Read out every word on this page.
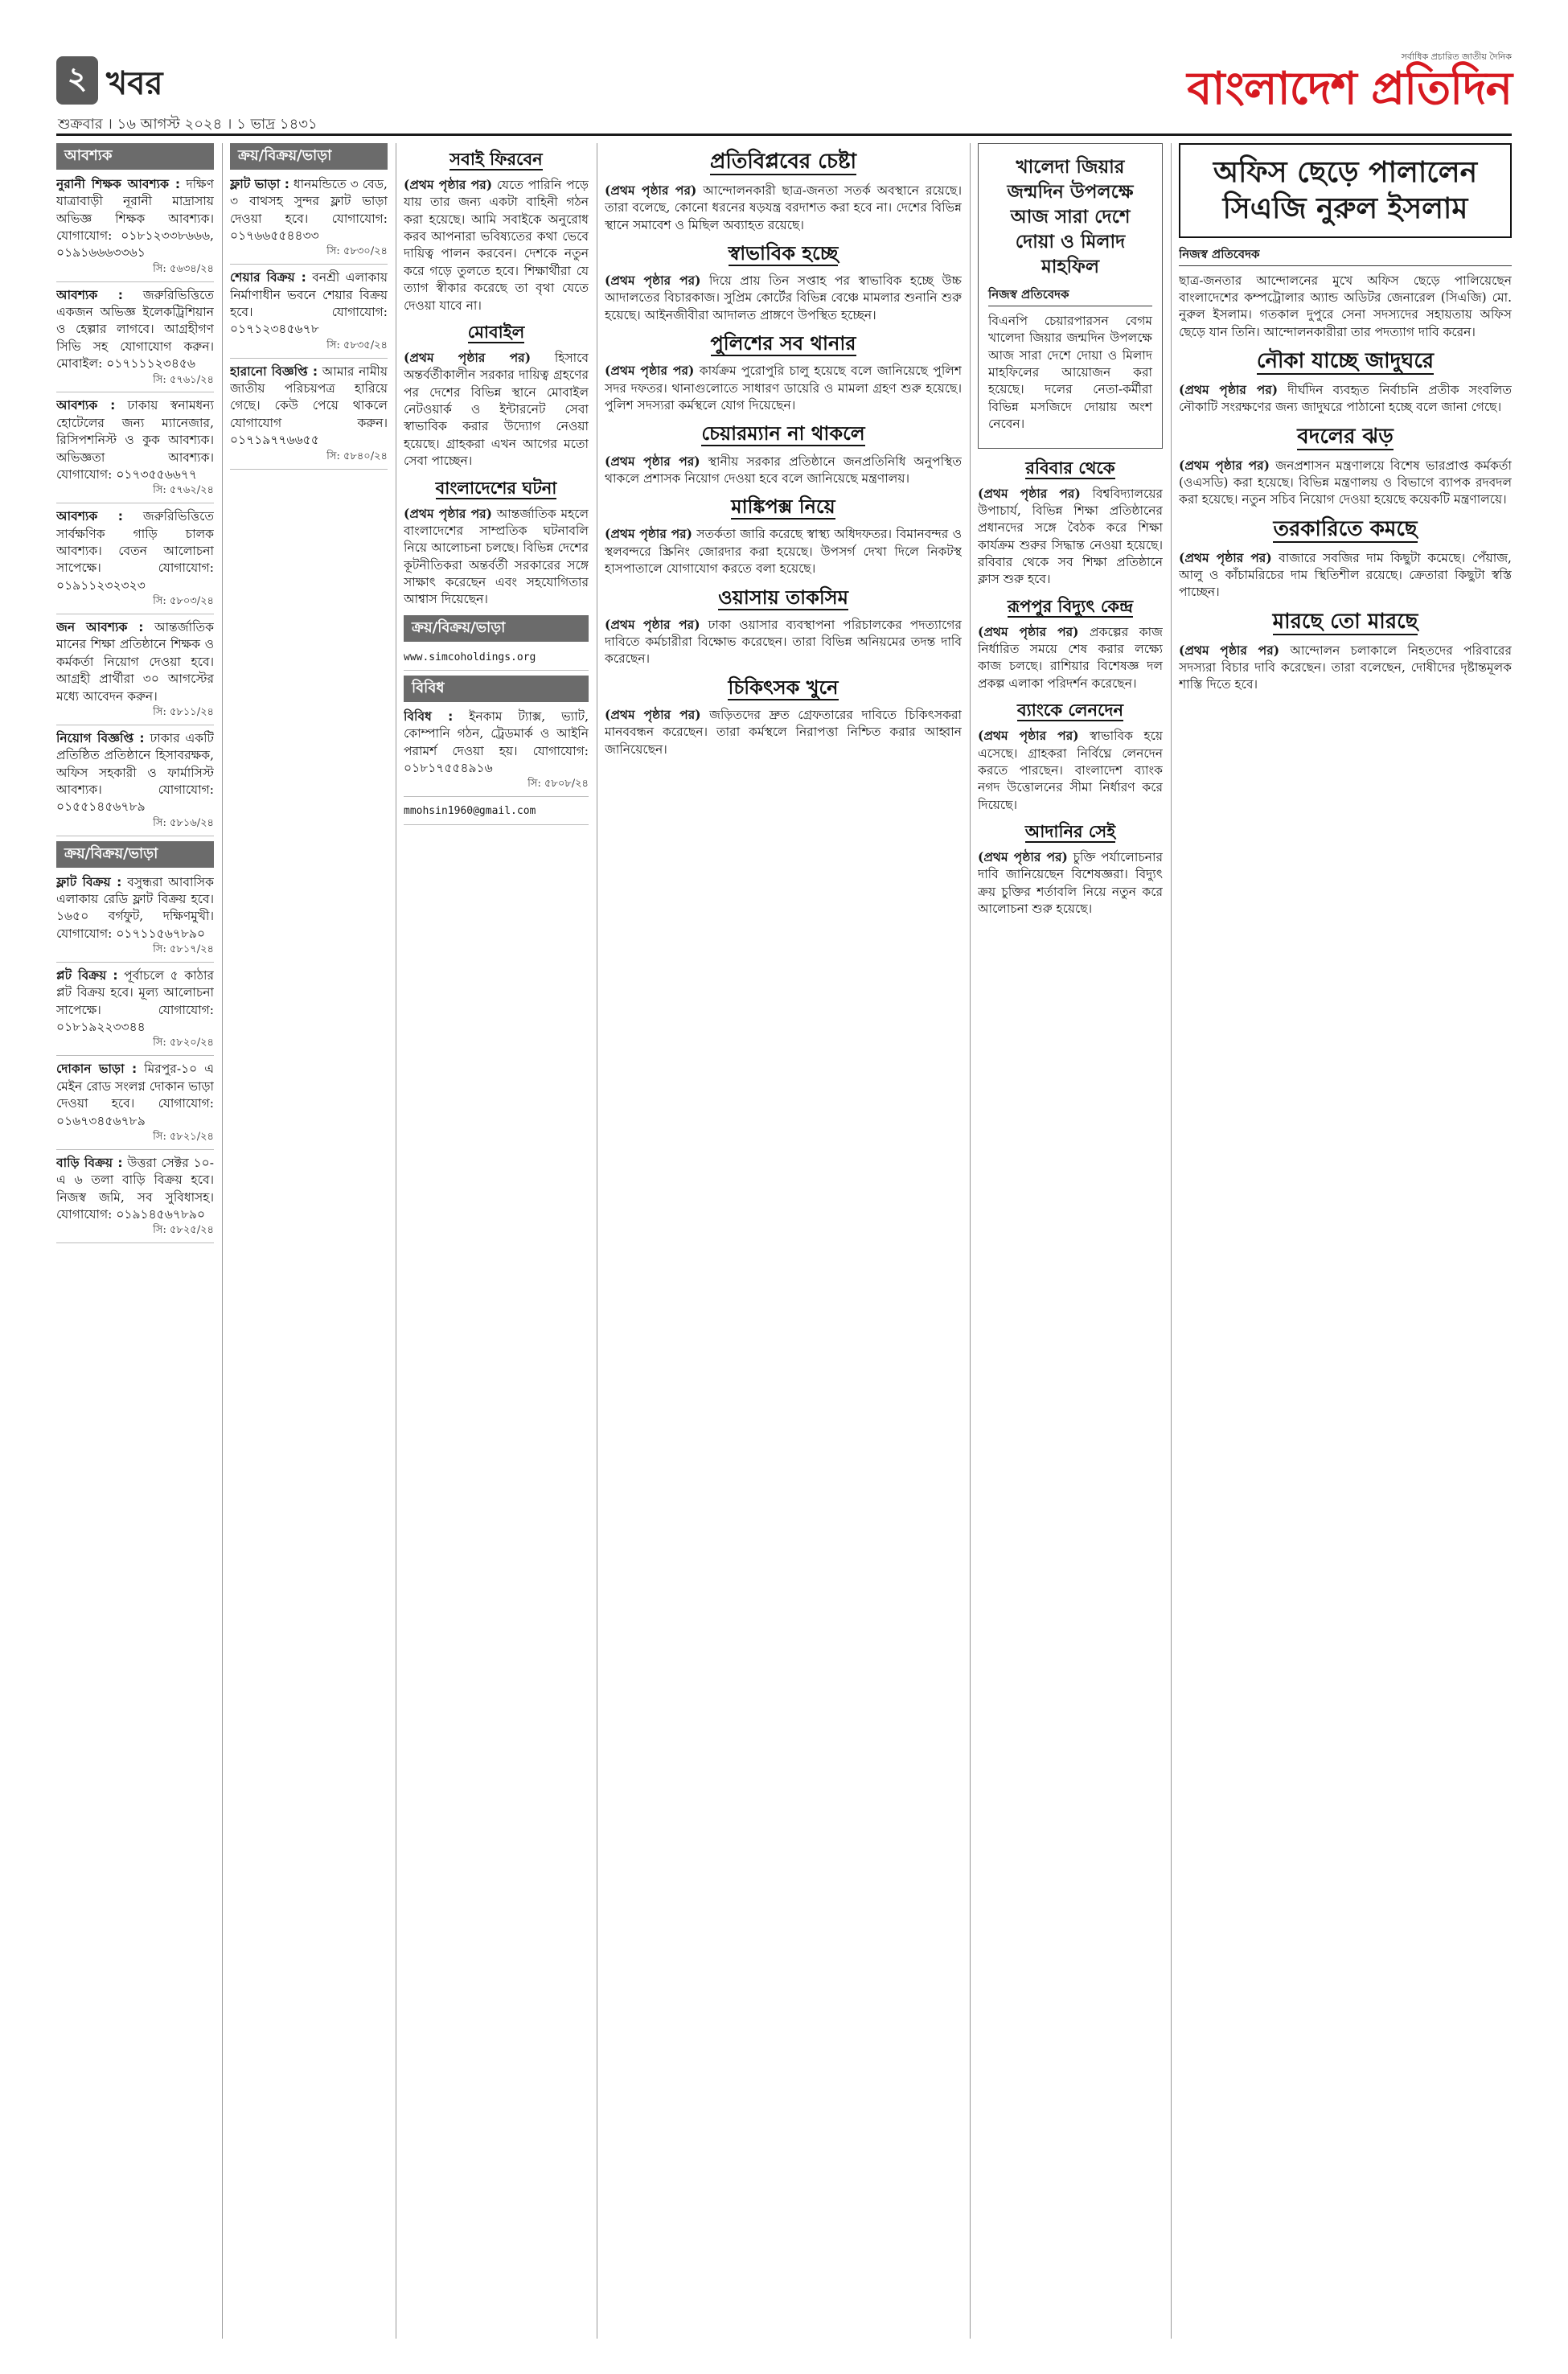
২ খবর
শুক্রবার । ১৬ আগস্ট ২০২৪ । ১ ভাদ্র ১৪৩১
সর্বাধিক প্রচারিত জাতীয় দৈনিক
বাংলাদেশ প্রতিদিন
আবশ্যক
নুরানী শিক্ষক আবশ্যক : দক্ষিণ যাত্রাবাড়ী নূরানী মাদ্রাসায় অভিজ্ঞ শিক্ষক আবশ্যক। যোগাযোগ: ০১৮১২৩৩৮৬৬৬, ০১৯১৬৬৬৩৩৬১
সি: ৫৬৩৪/২৪
আবশ্যক : জরুরিভিত্তিতে একজন অভিজ্ঞ ইলেকট্রিশিয়ান ও হেল্পার লাগবে। আগ্রহীগণ সিভি সহ যোগাযোগ করুন। মোবাইল: ০১৭১১১২৩৪৫৬
সি: ৫৭৬১/২৪
আবশ্যক : ঢাকায় স্বনামধন্য হোটেলের জন্য ম্যানেজার, রিসিপশনিস্ট ও কুক আবশ্যক। অভিজ্ঞতা আবশ্যক। যোগাযোগ: ০১৭৩৫৫৬৬৭৭
সি: ৫৭৬২/২৪
আবশ্যক : জরুরিভিত্তিতে সার্বক্ষণিক গাড়ি চালক আবশ্যক। বেতন আলোচনা সাপেক্ষে। যোগাযোগ: ০১৯১১২৩২৩২৩
সি: ৫৮০৩/২৪
জন আবশ্যক : আন্তর্জাতিক মানের শিক্ষা প্রতিষ্ঠানে শিক্ষক ও কর্মকর্তা নিয়োগ দেওয়া হবে। আগ্রহী প্রার্থীরা ৩০ আগস্টের মধ্যে আবেদন করুন।
সি: ৫৮১১/২৪
নিয়োগ বিজ্ঞপ্তি : ঢাকার একটি প্রতিষ্ঠিত প্রতিষ্ঠানে হিসাবরক্ষক, অফিস সহকারী ও ফার্মাসিস্ট আবশ্যক। যোগাযোগ: ০১৫৫১৪৫৬৭৮৯
সি: ৫৮১৬/২৪
ক্রয়/বিক্রয়/ভাড়া
ফ্লাট বিক্রয় : বসুন্ধরা আবাসিক এলাকায় রেডি ফ্লাট বিক্রয় হবে। ১৬৫০ বর্গফুট, দক্ষিণমুখী। যোগাযোগ: ০১৭১১৫৬৭৮৯০
সি: ৫৮১৭/২৪
প্লট বিক্রয় : পূর্বাচলে ৫ কাঠার প্লট বিক্রয় হবে। মূল্য আলোচনা সাপেক্ষে। যোগাযোগ: ০১৮১৯২২৩৩৪৪
সি: ৫৮২০/২৪
দোকান ভাড়া : মিরপুর-১০ এ মেইন রোড সংলগ্ন দোকান ভাড়া দেওয়া হবে। যোগাযোগ: ০১৬৭৩৪৫৬৭৮৯
সি: ৫৮২১/২৪
বাড়ি বিক্রয় : উত্তরা সেক্টর ১০-এ ৬ তলা বাড়ি বিক্রয় হবে। নিজস্ব জমি, সব সুবিধাসহ। যোগাযোগ: ০১৯১৪৫৬৭৮৯০
সি: ৫৮২৫/২৪
ক্রয়/বিক্রয়/ভাড়া
ফ্লাট ভাড়া : ধানমন্ডিতে ৩ বেড, ৩ বাথসহ সুন্দর ফ্লাট ভাড়া দেওয়া হবে। যোগাযোগ: ০১৭৬৬৫৫৪৪৩৩
সি: ৫৮৩০/২৪
শেয়ার বিক্রয় : বনশ্রী এলাকায় নির্মাণাধীন ভবনে শেয়ার বিক্রয় হবে। যোগাযোগ: ০১৭১২৩৪৫৬৭৮
সি: ৫৮৩৫/২৪
হারানো বিজ্ঞপ্তি : আমার নামীয় জাতীয় পরিচয়পত্র হারিয়ে গেছে। কেউ পেয়ে থাকলে যোগাযোগ করুন। ০১৭১৯৭৭৬৬৫৫
সি: ৫৮৪০/২৪
সবাই ফিরবেন

(প্রথম পৃষ্ঠার পর) যেতে পারিনি পড়ে যায় তার জন্য একটা বাহিনী গঠন করা হয়েছে। আমি সবাইকে অনুরোধ করব আপনারা ভবিষ্যতের কথা ভেবে দায়িত্ব পালন করবেন। দেশকে নতুন করে গড়ে তুলতে হবে। শিক্ষার্থীরা যে ত্যাগ স্বীকার করেছে তা বৃথা যেতে দেওয়া যাবে না।

মোবাইল

(প্রথম পৃষ্ঠার পর) হিসাবে অন্তর্বর্তীকালীন সরকার দায়িত্ব গ্রহণের পর দেশের বিভিন্ন স্থানে মোবাইল নেটওয়ার্ক ও ইন্টারনেট সেবা স্বাভাবিক করার উদ্যোগ নেওয়া হয়েছে। গ্রাহকরা এখন আগের মতো সেবা পাচ্ছেন।

বাংলাদেশের ঘটনা

(প্রথম পৃষ্ঠার পর) আন্তর্জাতিক মহলে বাংলাদেশের সাম্প্রতিক ঘটনাবলি নিয়ে আলোচনা চলছে। বিভিন্ন দেশের কূটনীতিকরা অন্তর্বর্তী সরকারের সঙ্গে সাক্ষাৎ করেছেন এবং সহযোগিতার আশ্বাস দিয়েছেন।

ক্রয়/বিক্রয়/ভাড়া
www.simcoholdings.org
বিবিধ
বিবিধ : ইনকাম ট্যাক্স, ভ্যাট, কোম্পানি গঠন, ট্রেডমার্ক ও আইনি পরামর্শ দেওয়া হয়। যোগাযোগ: ০১৮১৭৫৫৪৯১৬
সি: ৫৮০৮/২৪
mmohsin1960@gmail.com
প্রতিবিপ্লবের চেষ্টা

(প্রথম পৃষ্ঠার পর) আন্দোলনকারী ছাত্র-জনতা সতর্ক অবস্থানে রয়েছে। তারা বলেছে, কোনো ধরনের ষড়যন্ত্র বরদাশত করা হবে না। দেশের বিভিন্ন স্থানে সমাবেশ ও মিছিল অব্যাহত রয়েছে।

স্বাভাবিক হচ্ছে

(প্রথম পৃষ্ঠার পর) দিয়ে প্রায় তিন সপ্তাহ পর স্বাভাবিক হচ্ছে উচ্চ আদালতের বিচারকাজ। সুপ্রিম কোর্টের বিভিন্ন বেঞ্চে মামলার শুনানি শুরু হয়েছে। আইনজীবীরা আদালত প্রাঙ্গণে উপস্থিত হচ্ছেন।

পুলিশের সব থানার

(প্রথম পৃষ্ঠার পর) কার্যক্রম পুরোপুরি চালু হয়েছে বলে জানিয়েছে পুলিশ সদর দফতর। থানাগুলোতে সাধারণ ডায়েরি ও মামলা গ্রহণ শুরু হয়েছে। পুলিশ সদস্যরা কর্মস্থলে যোগ দিয়েছেন।

চেয়ারম্যান না থাকলে

(প্রথম পৃষ্ঠার পর) স্থানীয় সরকার প্রতিষ্ঠানে জনপ্রতিনিধি অনুপস্থিত থাকলে প্রশাসক নিয়োগ দেওয়া হবে বলে জানিয়েছে মন্ত্রণালয়।

মাঙ্কিপক্স নিয়ে

(প্রথম পৃষ্ঠার পর) সতর্কতা জারি করেছে স্বাস্থ্য অধিদফতর। বিমানবন্দর ও স্থলবন্দরে স্ক্রিনিং জোরদার করা হয়েছে। উপসর্গ দেখা দিলে নিকটস্থ হাসপাতালে যোগাযোগ করতে বলা হয়েছে।

ওয়াসায় তাকসিম

(প্রথম পৃষ্ঠার পর) ঢাকা ওয়াসার ব্যবস্থাপনা পরিচালকের পদত্যাগের দাবিতে কর্মচারীরা বিক্ষোভ করেছেন। তারা বিভিন্ন অনিয়মের তদন্ত দাবি করেছেন।

চিকিৎসক খুনে

(প্রথম পৃষ্ঠার পর) জড়িতদের দ্রুত গ্রেফতারের দাবিতে চিকিৎসকরা মানববন্ধন করেছেন। তারা কর্মস্থলে নিরাপত্তা নিশ্চিত করার আহ্বান জানিয়েছেন।

খালেদা জিয়ার জন্মদিন উপলক্ষে আজ সারা দেশে দোয়া ও মিলাদ মাহফিল
নিজস্ব প্রতিবেদক

বিএনপি চেয়ারপারসন বেগম খালেদা জিয়ার জন্মদিন উপলক্ষে আজ সারা দেশে দোয়া ও মিলাদ মাহফিলের আয়োজন করা হয়েছে। দলের নেতা-কর্মীরা বিভিন্ন মসজিদে দোয়ায় অংশ নেবেন।

রবিবার থেকে

(প্রথম পৃষ্ঠার পর) বিশ্ববিদ্যালয়ের উপাচার্য, বিভিন্ন শিক্ষা প্রতিষ্ঠানের প্রধানদের সঙ্গে বৈঠক করে শিক্ষা কার্যক্রম শুরুর সিদ্ধান্ত নেওয়া হয়েছে। রবিবার থেকে সব শিক্ষা প্রতিষ্ঠানে ক্লাস শুরু হবে।

রূপপুর বিদ্যুৎ কেন্দ্র

(প্রথম পৃষ্ঠার পর) প্রকল্পের কাজ নির্ধারিত সময়ে শেষ করার লক্ষ্যে কাজ চলছে। রাশিয়ার বিশেষজ্ঞ দল প্রকল্প এলাকা পরিদর্শন করেছেন।

ব্যাংকে লেনদেন

(প্রথম পৃষ্ঠার পর) স্বাভাবিক হয়ে এসেছে। গ্রাহকরা নির্বিঘ্নে লেনদেন করতে পারছেন। বাংলাদেশ ব্যাংক নগদ উত্তোলনের সীমা নির্ধারণ করে দিয়েছে।

আদানির সেই

(প্রথম পৃষ্ঠার পর) চুক্তি পর্যালোচনার দাবি জানিয়েছেন বিশেষজ্ঞরা। বিদ্যুৎ ক্রয় চুক্তির শর্তাবলি নিয়ে নতুন করে আলোচনা শুরু হয়েছে।

অফিস ছেড়ে পালালেন সিএজি নুরুল ইসলাম
নিজস্ব প্রতিবেদক

ছাত্র-জনতার আন্দোলনের মুখে অফিস ছেড়ে পালিয়েছেন বাংলাদেশের কম্পট্রোলার অ্যান্ড অডিটর জেনারেল (সিএজি) মো. নুরুল ইসলাম। গতকাল দুপুরে সেনা সদস্যদের সহায়তায় অফিস ছেড়ে যান তিনি। আন্দোলনকারীরা তার পদত্যাগ দাবি করেন।

নৌকা যাচ্ছে জাদুঘরে

(প্রথম পৃষ্ঠার পর) দীর্ঘদিন ব্যবহৃত নির্বাচনি প্রতীক সংবলিত নৌকাটি সংরক্ষণের জন্য জাদুঘরে পাঠানো হচ্ছে বলে জানা গেছে।

বদলের ঝড়

(প্রথম পৃষ্ঠার পর) জনপ্রশাসন মন্ত্রণালয়ে বিশেষ ভারপ্রাপ্ত কর্মকর্তা (ওএসডি) করা হয়েছে। বিভিন্ন মন্ত্রণালয় ও বিভাগে ব্যাপক রদবদল করা হয়েছে। নতুন সচিব নিয়োগ দেওয়া হয়েছে কয়েকটি মন্ত্রণালয়ে।

তরকারিতে কমছে

(প্রথম পৃষ্ঠার পর) বাজারে সবজির দাম কিছুটা কমেছে। পেঁয়াজ, আলু ও কাঁচামরিচের দাম স্থিতিশীল রয়েছে। ক্রেতারা কিছুটা স্বস্তি পাচ্ছেন।

মারছে তো মারছে

(প্রথম পৃষ্ঠার পর) আন্দোলন চলাকালে নিহতদের পরিবারের সদস্যরা বিচার দাবি করেছেন। তারা বলেছেন, দোষীদের দৃষ্টান্তমূলক শাস্তি দিতে হবে।
